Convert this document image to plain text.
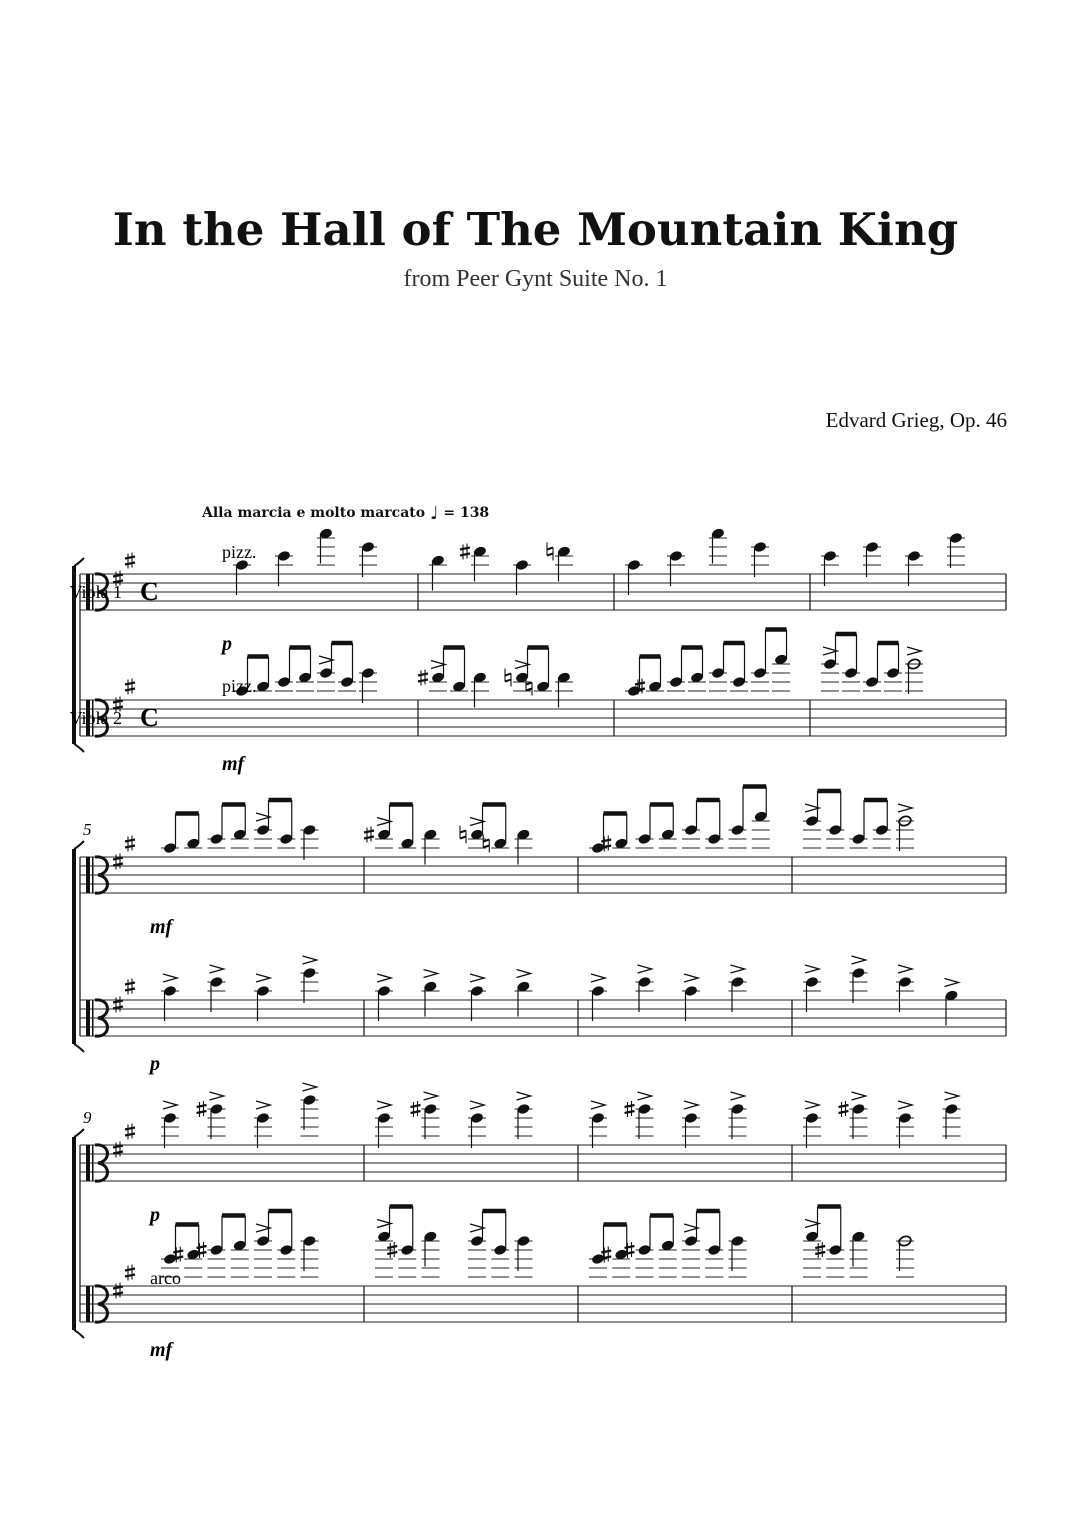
In the Hall of The Mountain King
from Peer Gynt Suite No. 1
Edvard Grieg, Op. 46
Alla marcia e molto marcato ♩ = 138
C
C
p
mf
5
mf
p
9
p
mf
Viola 1
Viola 2
pizz.
pizz.
arco
